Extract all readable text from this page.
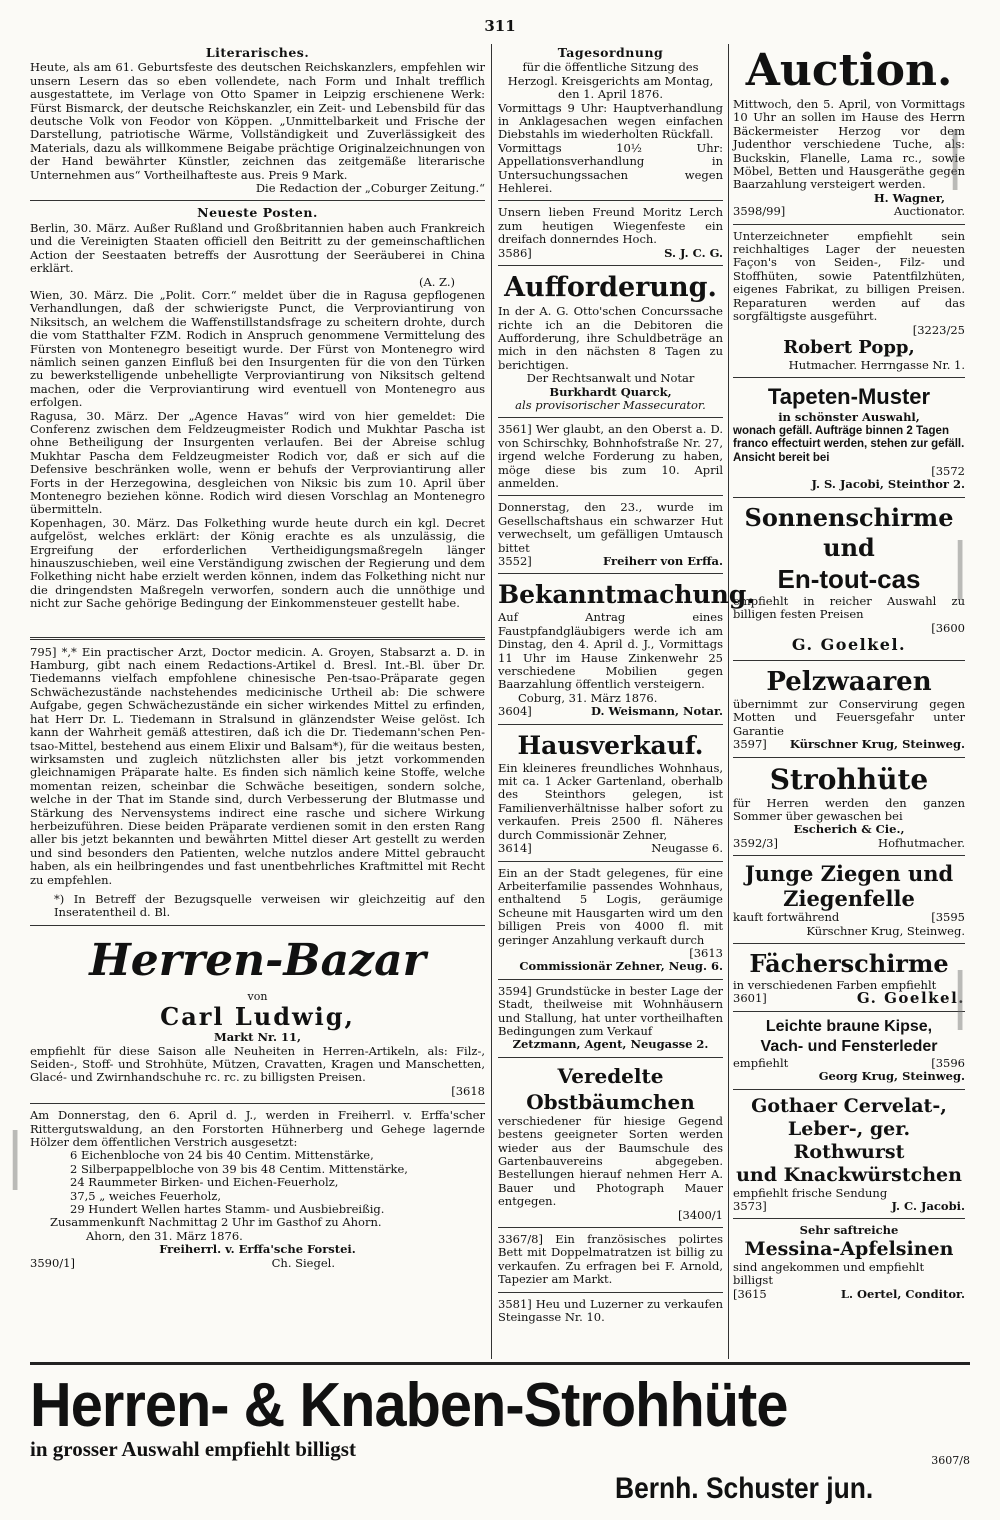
311
Literarisches.

Heute, als am 61. Geburtsfeste des deutschen Reichskanzlers, empfehlen wir unsern Lesern das so eben vollendete, nach Form und Inhalt trefflich ausgestattete, im Verlage von Otto Spamer in Leipzig erschienene Werk: Fürst Bismarck, der deutsche Reichskanzler, ein Zeit- und Lebensbild für das deutsche Volk von Feodor von Köppen. „Unmittelbarkeit und Frische der Darstellung, patriotische Wärme, Vollständigkeit und Zuverlässigkeit des Materials, dazu als willkommene Beigabe prächtige Originalzeichnungen von der Hand bewährter Künstler, zeichnen das zeitgemäße literarische Unternehmen aus“ Vortheilhafteste aus. Preis 9 Mark.

Die Redaction der „Coburger Zeitung.“

Neueste Posten.

Berlin, 30. März. Außer Rußland und Großbritannien haben auch Frankreich und die Vereinigten Staaten officiell den Beitritt zu der gemeinschaftlichen Action der Seestaaten betreffs der Ausrottung der Seeräuberei in China erklärt.

(A. Z.)

Wien, 30. März. Die „Polit. Corr.“ meldet über die in Ragusa gepflogenen Verhandlungen, daß der schwierigste Punct, die Verproviantirung von Niksitsch, an welchem die Waffenstillstandsfrage zu scheitern drohte, durch die vom Statthalter FZM. Rodich in Anspruch genommene Vermittelung des Fürsten von Montenegro beseitigt wurde. Der Fürst von Montenegro wird nämlich seinen ganzen Einfluß bei den Insurgenten für die von den Türken zu bewerkstelligende unbehelligte Verproviantirung von Niksitsch geltend machen, oder die Verproviantirung wird eventuell von Montenegro aus erfolgen.

Ragusa, 30. März. Der „Agence Havas“ wird von hier gemeldet: Die Conferenz zwischen dem Feldzeugmeister Rodich und Mukhtar Pascha ist ohne Betheiligung der Insurgenten verlaufen. Bei der Abreise schlug Mukhtar Pascha dem Feldzeugmeister Rodich vor, daß er sich auf die Defensive beschränken wolle, wenn er behufs der Verproviantirung aller Forts in der Herzegowina, desgleichen von Niksic bis zum 10. April über Montenegro beziehen könne. Rodich wird diesen Vorschlag an Montenegro übermitteln.

Kopenhagen, 30. März. Das Folkething wurde heute durch ein kgl. Decret aufgelöst, welches erklärt: der König erachte es als unzulässig, die Ergreifung der erforderlichen Vertheidigungsmaßregeln länger hinauszuschieben, weil eine Verständigung zwischen der Regierung und dem Folkething nicht habe erzielt werden können, indem das Folkething nicht nur die dringendsten Maßregeln verworfen, sondern auch die unnöthige und nicht zur Sache gehörige Bedingung der Einkommensteuer gestellt habe.

795] *,* Ein practischer Arzt, Doctor medicin. A. Groyen, Stabsarzt a. D. in Hamburg, gibt nach einem Redactions-Artikel d. Bresl. Int.-Bl. über Dr. Tiedemanns vielfach empfohlene chinesische Pen-tsao-Präparate gegen Schwächezustände nachstehendes medicinische Urtheil ab: Die schwere Aufgabe, gegen Schwächezustände ein sicher wirkendes Mittel zu erfinden, hat Herr Dr. L. Tiedemann in Stralsund in glänzendster Weise gelöst. Ich kann der Wahrheit gemäß attestiren, daß ich die Dr. Tiedemann'schen Pen-tsao-Mittel, bestehend aus einem Elixir und Balsam*), für die weitaus besten, wirksamsten und zugleich nützlichsten aller bis jetzt vorkommenden gleichnamigen Präparate halte. Es finden sich nämlich keine Stoffe, welche momentan reizen, scheinbar die Schwäche beseitigen, sondern solche, welche in der That im Stande sind, durch Verbesserung der Blutmasse und Stärkung des Nervensystems indirect eine rasche und sichere Wirkung herbeizuführen. Diese beiden Präparate verdienen somit in den ersten Rang aller bis jetzt bekannten und bewährten Mittel dieser Art gestellt zu werden und sind besonders den Patienten, welche nutzlos andere Mittel gebraucht haben, als ein heilbringendes und fast unentbehrliches Kraftmittel mit Recht zu empfehlen.

*) In Betreff der Bezugsquelle verweisen wir gleichzeitig auf den Inseratentheil d. Bl.

Herren-Bazar
von
Carl Ludwig,
Markt Nr. 11,

empfiehlt für diese Saison alle Neuheiten in Herren-Artikeln, als: Filz-, Seiden-, Stoff- und Strohhüte, Mützen, Cravatten, Kragen und Manschetten, Glacé- und Zwirnhandschuhe rc. rc. zu billigsten Preisen.

[3618

Am Donnerstag, den 6. April d. J., werden in Freiherrl. v. Erffa'scher Rittergutswaldung, an den Forstorten Hühnerberg und Gehege lagernde Hölzer dem öffentlichen Verstrich ausgesetzt:

6 Eichenbloche von 24 bis 40 Centim. Mittenstärke,
2 Silberpappelbloche von 39 bis 48 Centim. Mittenstärke,
24 Raummeter Birken- und Eichen-Feuerholz,
37,5 „ weiches Feuerholz,
29 Hundert Wellen hartes Stamm- und Ausbiebreißig.

Zusammenkunft Nachmittag 2 Uhr im Gasthof zu Ahorn.

Ahorn, den 31. März 1876.

Freiherrl. v. Erffa'sche Forstei.

3590/1]	Ch. Siegel.
Tagesordnung

für die öffentliche Sitzung des Herzogl. Kreisgerichts am Montag, den 1. April 1876.

Vormittags 9 Uhr: Hauptverhandlung in Anklagesachen wegen einfachen Diebstahls im wiederholten Rückfall.

Vormittags 10½ Uhr: Appellationsverhandlung in Untersuchungssachen wegen Hehlerei.

Unsern lieben Freund Moritz Lerch zum heutigen Wiegenfeste ein dreifach donnerndes Hoch.

3586]	S. J. C. G.
Aufforderung.

In der A. G. Otto'schen Concurssache richte ich an die Debitoren die Aufforderung, ihre Schuldbeträge an mich in den nächsten 8 Tagen zu berichtigen.

Der Rechtsanwalt und Notar

Burkhardt Quarck,

als provisorischer Massecurator.

3561] Wer glaubt, an den Oberst a. D. von Schirschky, Bohnhofstraße Nr. 27, irgend welche Forderung zu haben, möge diese bis zum 10. April anmelden.

Donnerstag, den 23., wurde im Gesellschaftshaus ein schwarzer Hut verwechselt, um gefälligen Umtausch bittet

3552]	Freiherr von Erffa.
Bekanntmachung.

Auf Antrag eines Faustpfandgläubigers werde ich am Dinstag, den 4. April d. J., Vormittags 11 Uhr im Hause Zinkenwehr 25 verschiedene Mobilien gegen Baarzahlung öffentlich versteigern.

Coburg, 31. März 1876.

3604]	D. Weismann, Notar.
Hausverkauf.

Ein kleineres freundliches Wohnhaus, mit ca. 1 Acker Gartenland, oberhalb des Steinthors gelegen, ist Familienverhältnisse halber sofort zu verkaufen. Preis 2500 fl. Näheres durch Commissionär Zehner,

3614]	Neugasse 6.

Ein an der Stadt gelegenes, für eine Arbeiterfamilie passendes Wohnhaus, enthaltend 5 Logis, geräumige Scheune mit Hausgarten wird um den billigen Preis von 4000 fl. mit geringer Anzahlung verkauft durch

[3613

Commissionär Zehner, Neug. 6.

3594] Grundstücke in bester Lage der Stadt, theilweise mit Wohnhäusern und Stallung, hat unter vortheilhaften Bedingungen zum Verkauf

Zetzmann, Agent, Neugasse 2.

Veredelte Obstbäumchen

verschiedener für hiesige Gegend bestens geeigneter Sorten werden wieder aus der Baumschule des Gartenbauvereins abgegeben. Bestellungen hierauf nehmen Herr A. Bauer und Photograph Mauer entgegen.

[3400/1

3367/8] Ein französisches polirtes Bett mit Doppelmatratzen ist billig zu verkaufen. Zu erfragen bei F. Arnold, Tapezier am Markt.

3581] Heu und Luzerner zu verkaufen Steingasse Nr. 10.

Auction.

Mittwoch, den 5. April, von Vormittags 10 Uhr an sollen im Hause des Herrn Bäckermeister Herzog vor dem Judenthor verschiedene Tuche, als: Buckskin, Flanelle, Lama rc., sowie Möbel, Betten und Hausgeräthe gegen Baarzahlung versteigert werden.

H. Wagner,

3598/99]	Auctionator.

Unterzeichneter empfiehlt sein reichhaltiges Lager der neuesten Façon's von Seiden-, Filz- und Stoffhüten, sowie Patentfilzhüten, eigenes Fabrikat, zu billigen Preisen. Reparaturen werden auf das sorgfältigste ausgeführt.

[3223/25

Robert Popp,

Hutmacher. Herrngasse Nr. 1.

Tapeten-Muster

in schönster Auswahl,

wonach gefäll. Aufträge binnen 2 Tagen franco effectuirt werden, stehen zur gefäll. Ansicht bereit bei

[3572

J. S. Jacobi, Steinthor 2.

Sonnenschirme und
En-tout-cas

empfiehlt in reicher Auswahl zu billigen festen Preisen

[3600

G. Goelkel.

Pelzwaaren

übernimmt zur Conservirung gegen Motten und Feuersgefahr unter Garantie

3597] Kürschner Krug, Steinweg.
Strohhüte

für Herren werden den ganzen Sommer über gewaschen bei

Escherich & Cie.,

3592/3]	Hofhutmacher.
Junge Ziegen und
Ziegenfelle
kauft fortwährend	[3595

Kürschner Krug, Steinweg.

Fächerschirme

in verschiedenen Farben empfiehlt

3601]	G. Goelkel.
Leichte braune Kipse,
Vach- und Fensterleder
empfiehlt	[3596

Georg Krug, Steinweg.

Gothaer Cervelat-,
Leber-, ger. Rothwurst
und Knackwürstchen

empfiehlt frische Sendung

3573]	J. C. Jacobi.

Sehr saftreiche

Messina-Apfelsinen

sind angekommen und empfiehlt billigst

[3615	L. Oertel, Conditor.
|
|
|
|
Herren- & Knaben-Strohhüte
in grosser Auswahl empfiehlt billigst	3607/8
Bernh. Schuster jun.
